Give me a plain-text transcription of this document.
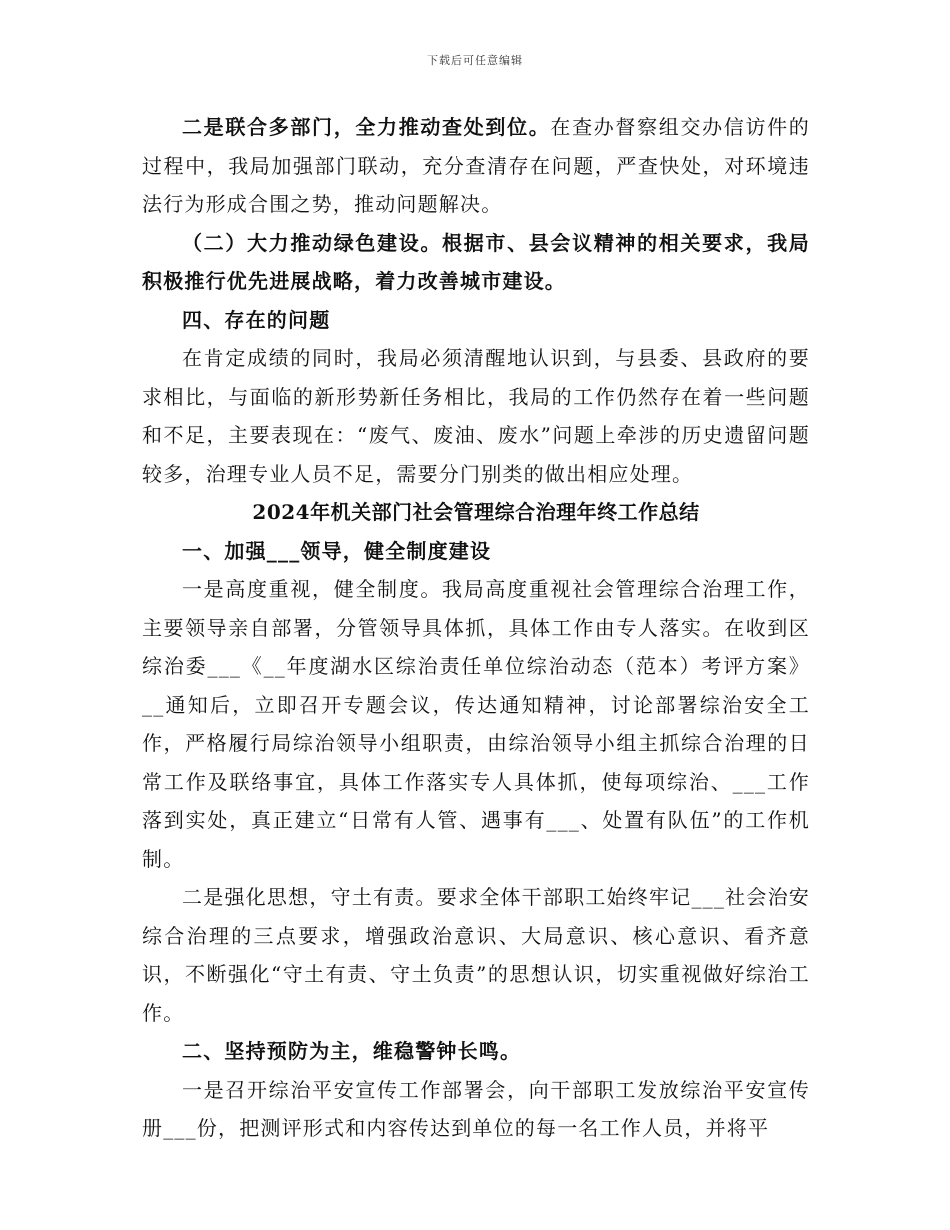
下载后可任意编辑

二是联合多部门，全力推动查处到位。在查办督察组交办信访件的过程中，我局加强部门联动，充分查清存在问题，严查快处，对环境违法行为形成合围之势，推动问题解决。

（二）大力推动绿色建设。根据市、县会议精神的相关要求，我局积极推行优先进展战略，着力改善城市建设。

四、存在的问题

在肯定成绩的同时，我局必须清醒地认识到，与县委、县政府的要求相比，与面临的新形势新任务相比，我局的工作仍然存在着一些问题和不足，主要表现在：“废气、废油、废水”问题上牵涉的历史遗留问题较多，治理专业人员不足，需要分门别类的做出相应处理。

2024年机关部门社会管理综合治理年终工作总结

一、加强___领导，健全制度建设

一是高度重视，健全制度。我局高度重视社会管理综合治理工作，主要领导亲自部署，分管领导具体抓，具体工作由专人落实。在收到区综治委___《__年度湖水区综治责任单位综治动态（范本）考评方案》__通知后，立即召开专题会议，传达通知精神，讨论部署综治安全工作，严格履行局综治领导小组职责，由综治领导小组主抓综合治理的日常工作及联络事宜，具体工作落实专人具体抓，使每项综治、___工作落到实处，真正建立“日常有人管、遇事有___、处置有队伍”的工作机制。

二是强化思想，守土有责。要求全体干部职工始终牢记___社会治安综合治理的三点要求，增强政治意识、大局意识、核心意识、看齐意识，不断强化“守土有责、守土负责”的思想认识，切实重视做好综治工作。

二、坚持预防为主，维稳警钟长鸣。

一是召开综治平安宣传工作部署会，向干部职工发放综治平安宣传册___份，把测评形式和内容传达到单位的每一名工作人员，并将平
